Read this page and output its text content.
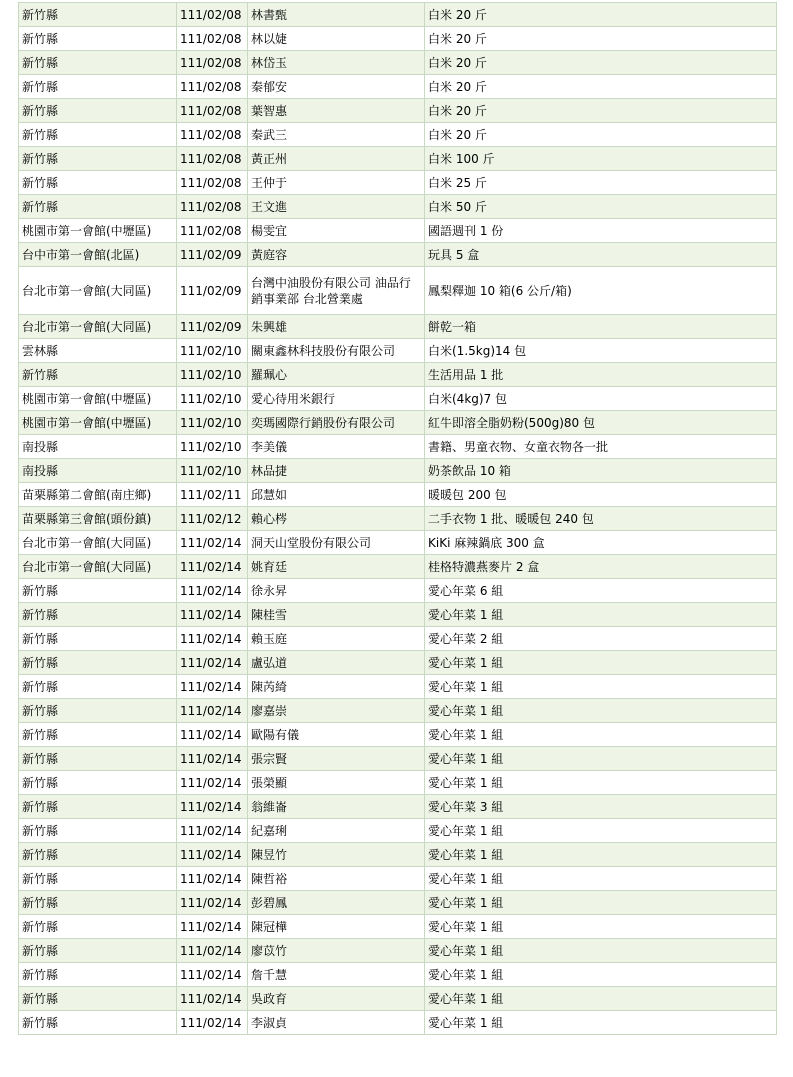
新竹縣	111/02/08	林書甄	白米 20 斤
新竹縣	111/02/08	林以婕	白米 20 斤
新竹縣	111/02/08	林岱玉	白米 20 斤
新竹縣	111/02/08	秦郁安	白米 20 斤
新竹縣	111/02/08	葉智惠	白米 20 斤
新竹縣	111/02/08	秦武三	白米 20 斤
新竹縣	111/02/08	黃正州	白米 100 斤
新竹縣	111/02/08	王仲于	白米 25 斤
新竹縣	111/02/08	王文進	白米 50 斤
桃園市第一會館(中壢區)	111/02/08	楊雯宜	國語週刊 1 份
台中市第一會館(北區)	111/02/09	黃庭容	玩具 5 盒
台北市第一會館(大同區)	111/02/09	台灣中油股份有限公司 油品行銷事業部 台北營業處	鳳梨釋迦 10 箱(6 公斤/箱)
台北市第一會館(大同區)	111/02/09	朱興雄	餅乾一箱
雲林縣	111/02/10	關東鑫林科技股份有限公司	白米(1.5kg)14 包
新竹縣	111/02/10	羅珮心	生活用品 1 批
桃園市第一會館(中壢區)	111/02/10	愛心待用米銀行	白米(4kg)7 包
桃園市第一會館(中壢區)	111/02/10	奕瑪國際行銷股份有限公司	紅牛即溶全脂奶粉(500g)80 包
南投縣	111/02/10	李美儀	書籍、男童衣物、女童衣物各一批
南投縣	111/02/10	林品捷	奶茶飲品 10 箱
苗栗縣第二會館(南庄鄉)	111/02/11	邱慧如	暖暖包 200 包
苗栗縣第三會館(頭份鎮)	111/02/12	賴心梣	二手衣物 1 批、暖暖包 240 包
台北市第一會館(大同區)	111/02/14	洞天山堂股份有限公司	KiKi 麻辣鍋底 300 盒
台北市第一會館(大同區)	111/02/14	姚育廷	桂格特濃燕麥片 2 盒
新竹縣	111/02/14	徐永昇	愛心年菜 6 組
新竹縣	111/02/14	陳桂雪	愛心年菜 1 組
新竹縣	111/02/14	賴玉庭	愛心年菜 2 組
新竹縣	111/02/14	盧弘道	愛心年菜 1 組
新竹縣	111/02/14	陳芮綺	愛心年菜 1 組
新竹縣	111/02/14	廖嘉崇	愛心年菜 1 組
新竹縣	111/02/14	歐陽有儀	愛心年菜 1 組
新竹縣	111/02/14	張宗賢	愛心年菜 1 組
新竹縣	111/02/14	張榮顯	愛心年菜 1 組
新竹縣	111/02/14	翁維崙	愛心年菜 3 組
新竹縣	111/02/14	紀嘉琍	愛心年菜 1 組
新竹縣	111/02/14	陳昱竹	愛心年菜 1 組
新竹縣	111/02/14	陳哲裕	愛心年菜 1 組
新竹縣	111/02/14	彭碧鳳	愛心年菜 1 組
新竹縣	111/02/14	陳冠樺	愛心年菜 1 組
新竹縣	111/02/14	廖苡竹	愛心年菜 1 組
新竹縣	111/02/14	詹千慧	愛心年菜 1 組
新竹縣	111/02/14	吳政育	愛心年菜 1 組
新竹縣	111/02/14	李淑貞	愛心年菜 1 組
